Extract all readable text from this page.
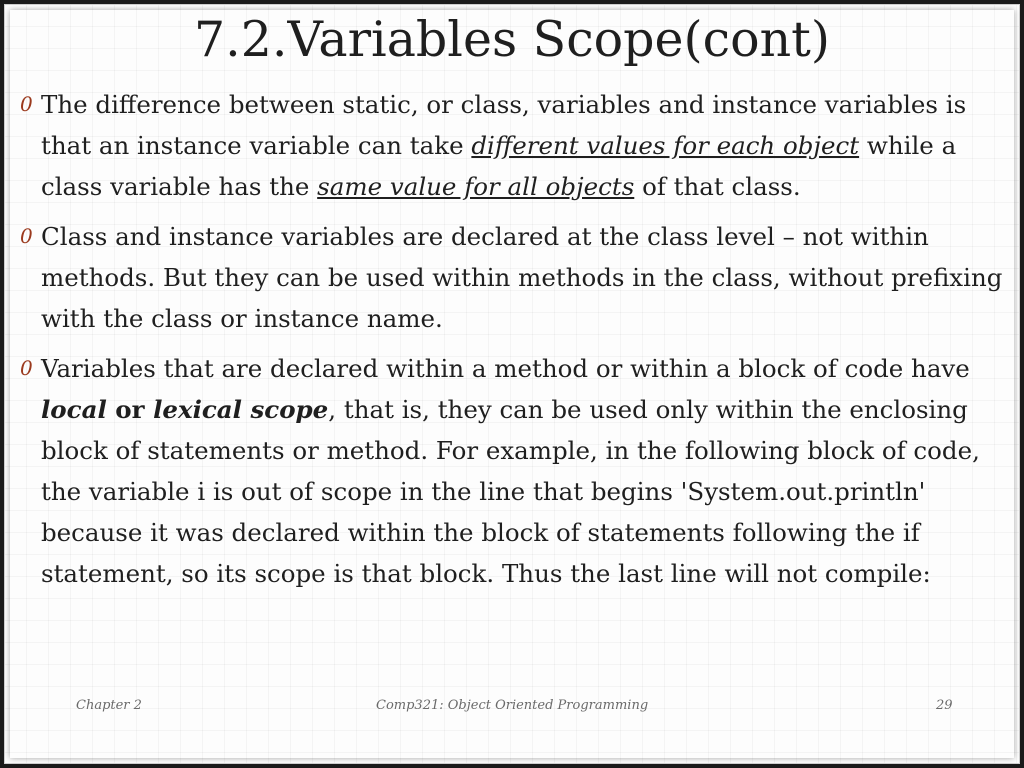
7.2.Variables Scope(cont)
0 The difference between static, or class, variables and instance variables is that an instance variable can take different values for each object while a class variable has the same value for all objects of that class.
0 Class and instance variables are declared at the class level – not within methods. But they can be used within methods in the class, without prefixing with the class or instance name.
0 Variables that are declared within a method or within a block of code have local or lexical scope, that is, they can be used only within the enclosing block of statements or method. For example, in the following block of code, the variable i is out of scope in the line that begins 'System.out.println' because it was declared within the block of statements following the if statement, so its scope is that block. Thus the last line will not compile:
Chapter 2	Comp321: Object Oriented Programming	29
